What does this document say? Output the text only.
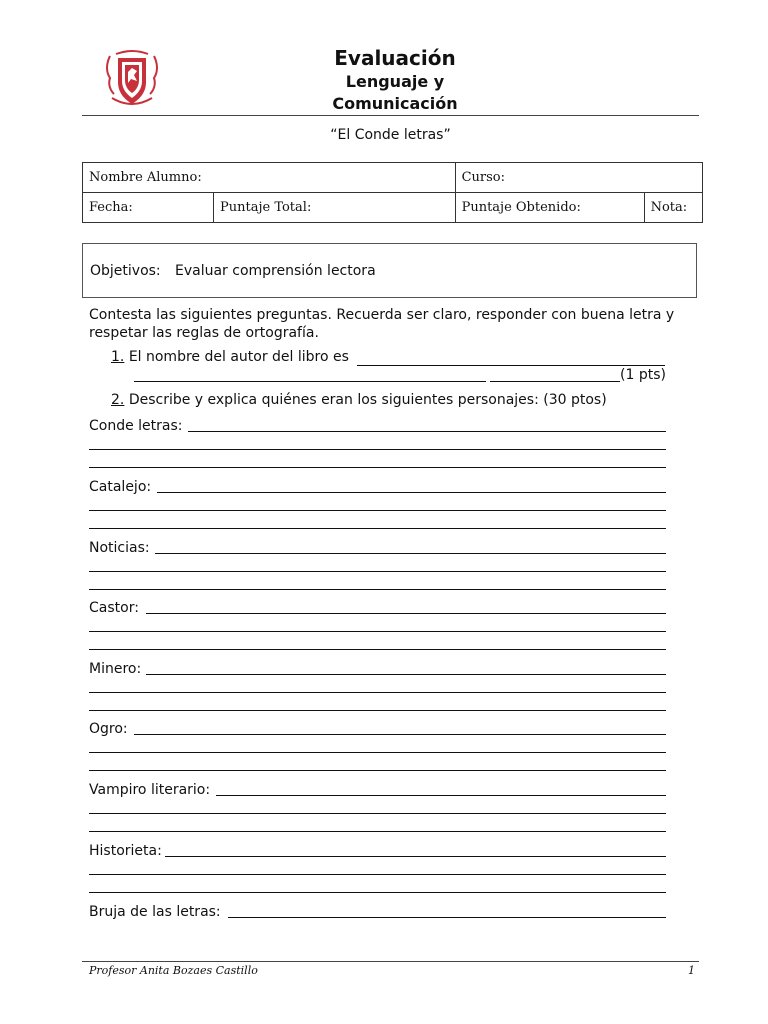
Evaluación
Lenguaje y
Comunicación
“El Conde letras”
Nombre Alumno:		Curso:	
Fecha:	Puntaje Total:	Puntaje Obtenido:	Nota:
Objetivos: Evaluar comprensión lectora
Contesta las siguientes preguntas. Recuerda ser claro, responder con buena letra y respetar las reglas de ortografía.
1. El nombre del autor del libro es
(1 pts)
2. Describe y explica quiénes eran los siguientes personajes: (30 ptos)
Conde letras:
Catalejo:
Noticias:
Castor:
Minero:
Ogro:
Vampiro literario:
Historieta:
Bruja de las letras:
Profesor Anita Bozaes Castillo	1
